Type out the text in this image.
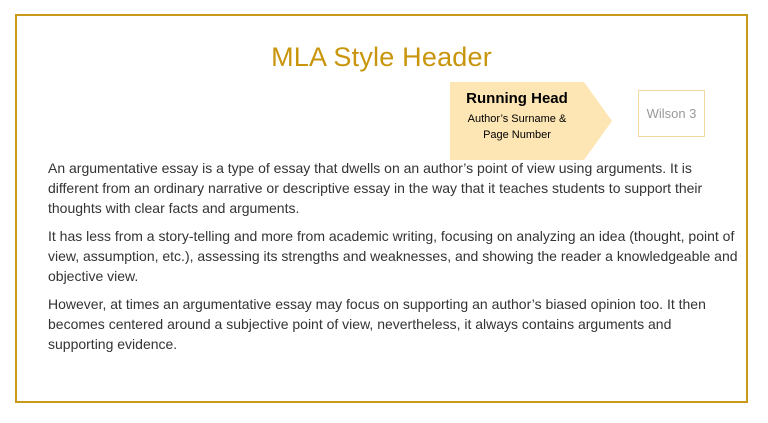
MLA Style Header
Running Head
Author’s Surname &
Page Number
Wilson 3

An argumentative essay is a type of essay that dwells on an author’s point of view using arguments. It is different from an ordinary narrative or descriptive essay in the way that it teaches students to support their thoughts with clear facts and arguments.

It has less from a story-telling and more from academic writing, focusing on analyzing an idea (thought, point of view, assumption, etc.), assessing its strengths and weaknesses, and showing the reader a knowledgeable and objective view.

However, at times an argumentative essay may focus on supporting an author’s biased opinion too. It then becomes centered around a subjective point of view, nevertheless, it always contains arguments and supporting evidence.
